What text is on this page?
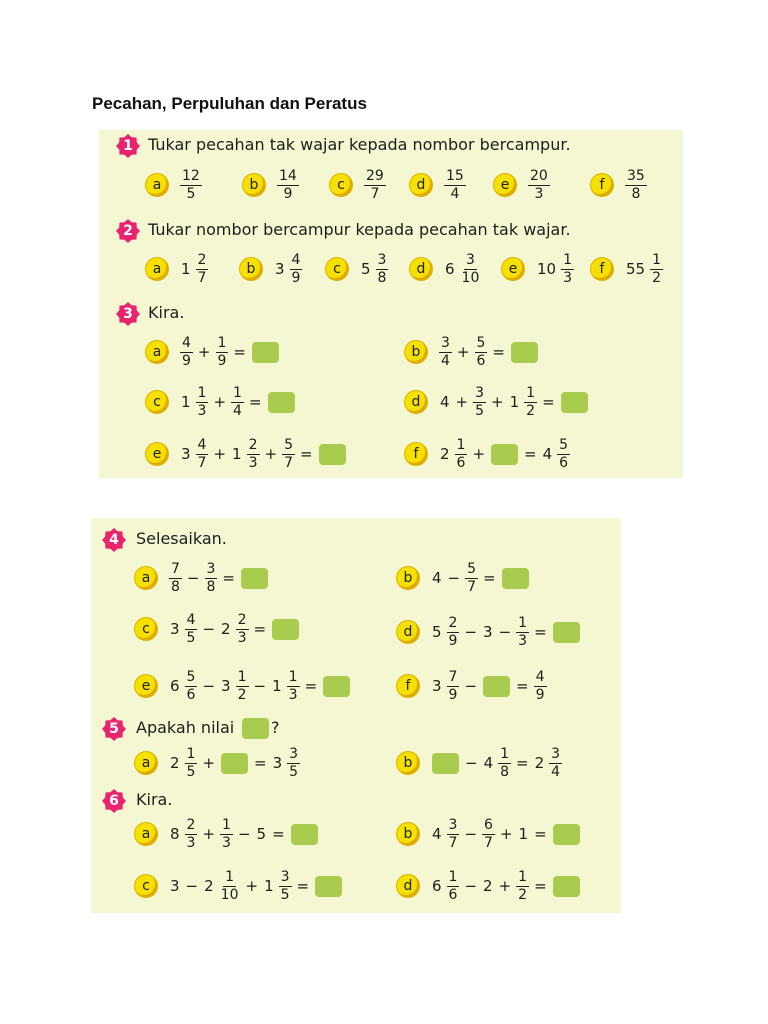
Pecahan, Perpuluhan dan Peratus
1 Tukar pecahan tak wajar kepada nombor bercampur.
a	$\frac{12}{5}$	b	$\frac{14}{9}$	c	$\frac{29}{7}$	d	$\frac{15}{4}$	e	$\frac{20}{3}$	f	$\frac{35}{8}$
2 Tukar nombor bercampur kepada pecahan tak wajar.
a	$1 \frac{2}{7}$	b	$3 \frac{4}{9}$	c	$5 \frac{3}{8}$	d	$6 \frac{3}{10}$	e	$10 \frac{1}{3}$	f	$55 \frac{1}{2}$
3 Kira.
a	$\frac{4}{9} + \frac{1}{9}$ =	b	$\frac{3}{4} + \frac{5}{6}$ =
c	$1 \frac{1}{3} + \frac{1}{4}$ =	d	$4 + \frac{3}{5} + 1 \frac{1}{2}$ =
e	$3 \frac{4}{7} + 1 \frac{2}{3} + \frac{5}{7}$ =	f	$2 \frac{1}{6}$ +	= $4 \frac{5}{6}$
4	Selesaikan.
a	$\frac{7}{8} - \frac{3}{8}$ =	b	$4 - \frac{5}{7}$ =
c	$3 \frac{4}{5} - 2 \frac{2}{3}$ =	d	$5 \frac{2}{9} - 3 - \frac{1}{3}$ =
e	$6 \frac{5}{6} - 3 \frac{1}{2} - 1 \frac{1}{3}$ =	f	$3 \frac{7}{9}$ −	= $\frac{4}{9}$
5	Apakah nilai ?
a	$2 \frac{1}{5}$ +	= $3 \frac{3}{5}$	b	− $4 \frac{1}{8} = 2 \frac{3}{4}$
6	Kira.
a	$8 \frac{2}{3} + \frac{1}{3} - 5$ =	b	$4 \frac{3}{7} - \frac{6}{7} + 1$ =
c	$3 - 2 \frac{1}{10} + 1 \frac{3}{5}$ =	d	$6 \frac{1}{6} - 2 + \frac{1}{2}$ =
